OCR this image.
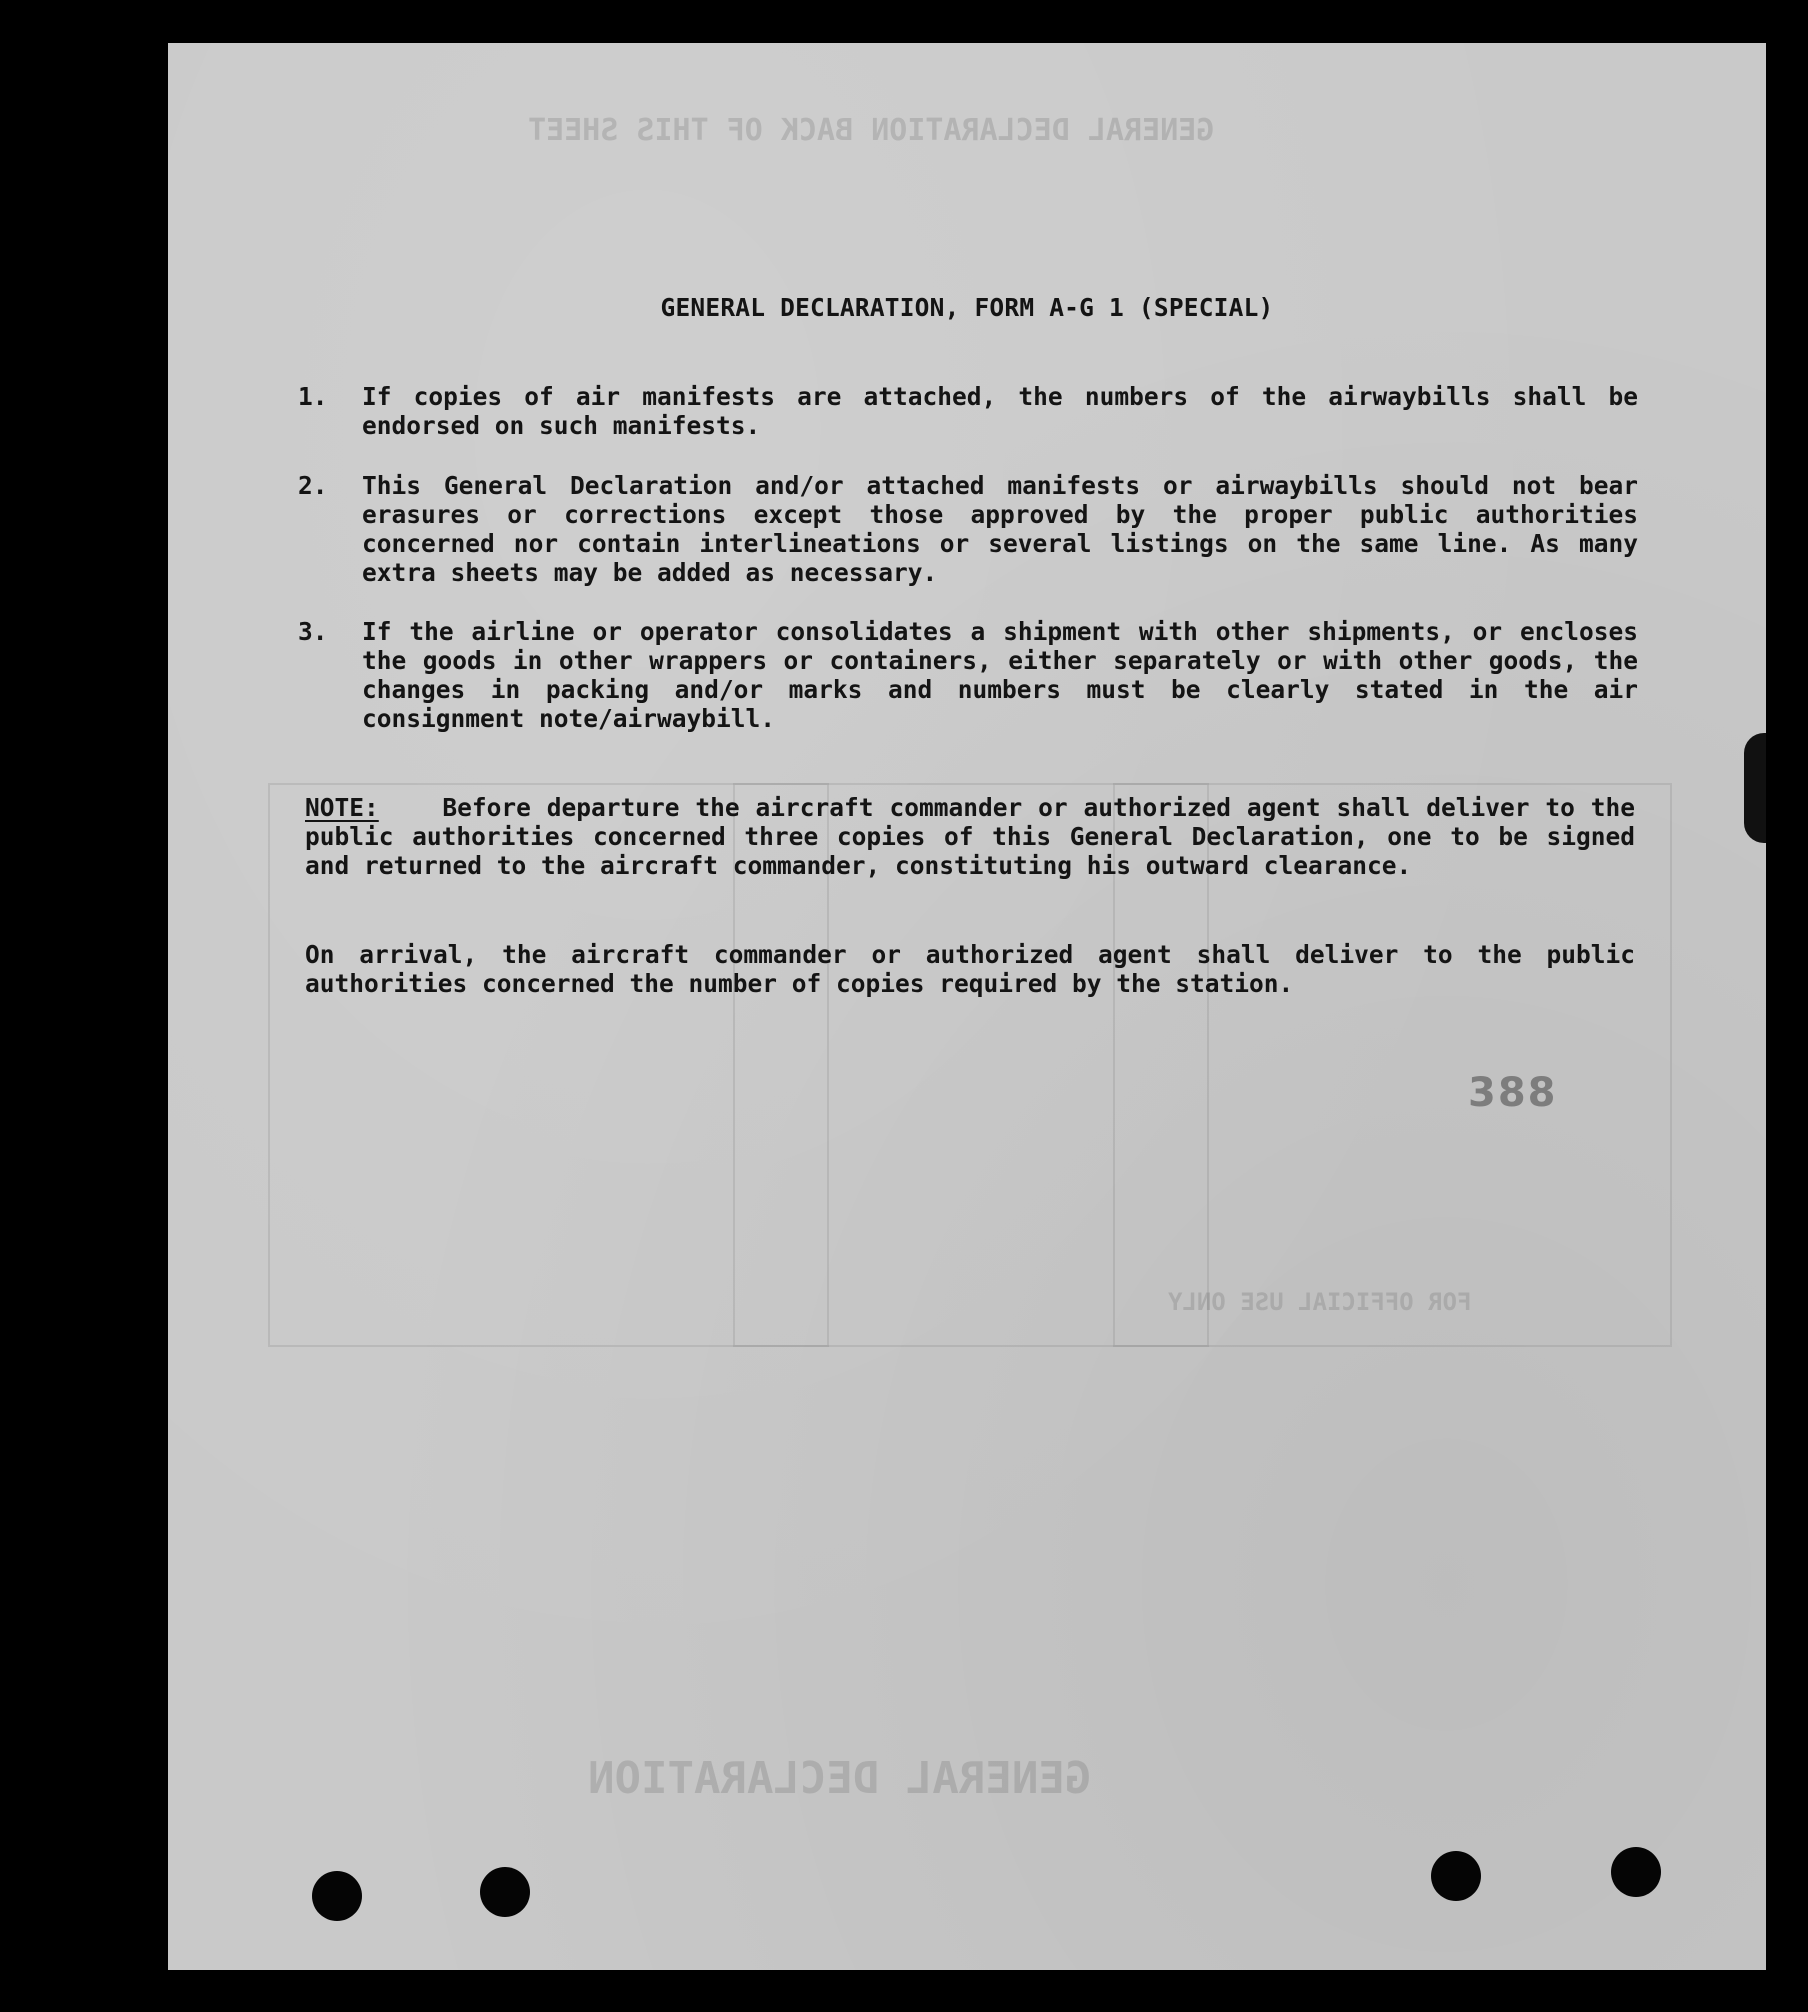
GENERAL DECLARATION BACK OF THIS SHEET
GENERAL DECLARATION
FOR OFFICIAL USE ONLY
GENERAL DECLARATION, FORM A-G 1 (SPECIAL)
1.	If copies of air manifests are attached, the numbers of the airwaybills shall be endorsed on such manifests.
2.	This General Declaration and/or attached manifests or airwaybills should not bear erasures or corrections except those approved by the proper public authorities concerned nor contain interlineations or several listings on the same line. As many extra sheets may be added as necessary.
3.	If the airline or operator consolidates a shipment with other shipments, or encloses the goods in other wrappers or containers, either separately or with other goods, the changes in packing and/or marks and numbers must be clearly stated in the air consignment note/airwaybill.
NOTE:	Before departure the aircraft commander or authorized agent shall deliver to the public authorities concerned three copies of this General Declaration, one to be signed and returned to the aircraft commander, constituting his outward clearance.
On arrival, the aircraft commander or authorized agent shall deliver to the public authorities concerned the number of copies required by the station.
388
